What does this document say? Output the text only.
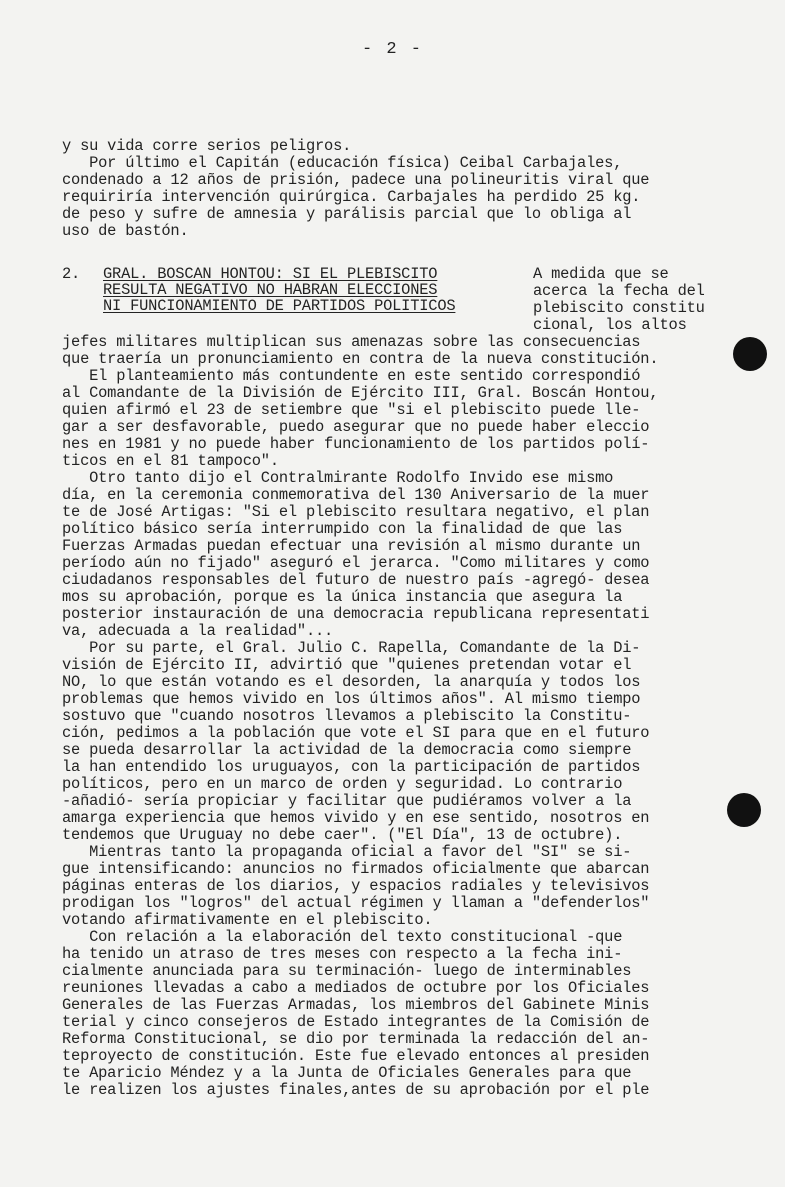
- 2 -
y su vida corre serios peligros.
Por último el Capitán (educación física) Ceibal Carbajales,
condenado a 12 años de prisión, padece una polineuritis viral que
requiriría intervención quirúrgica. Carbajales ha perdido 25 kg.
de peso y sufre de amnesia y parálisis parcial que lo obliga al
uso de bastón.
2. GRAL. BOSCAN HONTOU: SI EL PLEBISCITO
RESULTA NEGATIVO NO HABRAN ELECCIONES
NI FUNCIONAMIENTO DE PARTIDOS POLITICOS
A medida que se
acerca la fecha del
plebiscito constitu
cional, los altos
jefes militares multiplican sus amenazas sobre las consecuencias
que traería un pronunciamiento en contra de la nueva constitución.
El planteamiento más contundente en este sentido correspondió
al Comandante de la División de Ejército III, Gral. Boscán Hontou,
quien afirmó el 23 de setiembre que "si el plebiscito puede lle-
gar a ser desfavorable, puedo asegurar que no puede haber eleccio
nes en 1981 y no puede haber funcionamiento de los partidos polí-
ticos en el 81 tampoco".
Otro tanto dijo el Contralmirante Rodolfo Invido ese mismo
día, en la ceremonia conmemorativa del 130 Aniversario de la muer
te de José Artigas: "Si el plebiscito resultara negativo, el plan
político básico sería interrumpido con la finalidad de que las
Fuerzas Armadas puedan efectuar una revisión al mismo durante un
período aún no fijado" aseguró el jerarca. "Como militares y como
ciudadanos responsables del futuro de nuestro país -agregó- desea
mos su aprobación, porque es la única instancia que asegura la
posterior instauración de una democracia republicana representati
va, adecuada a la realidad"...
Por su parte, el Gral. Julio C. Rapella, Comandante de la Di-
visión de Ejército II, advirtió que "quienes pretendan votar el
NO, lo que están votando es el desorden, la anarquía y todos los
problemas que hemos vivido en los últimos años". Al mismo tiempo
sostuvo que "cuando nosotros llevamos a plebiscito la Constitu-
ción, pedimos a la población que vote el SI para que en el futuro
se pueda desarrollar la actividad de la democracia como siempre
la han entendido los uruguayos, con la participación de partidos
políticos, pero en un marco de orden y seguridad. Lo contrario
-añadió- sería propiciar y facilitar que pudiéramos volver a la
amarga experiencia que hemos vivido y en ese sentido, nosotros en
tendemos que Uruguay no debe caer". ("El Día", 13 de octubre).
Mientras tanto la propaganda oficial a favor del "SI" se si-
gue intensificando: anuncios no firmados oficialmente que abarcan
páginas enteras de los diarios, y espacios radiales y televisivos
prodigan los "logros" del actual régimen y llaman a "defenderlos"
votando afirmativamente en el plebiscito.
Con relación a la elaboración del texto constitucional -que
ha tenido un atraso de tres meses con respecto a la fecha ini-
cialmente anunciada para su terminación- luego de interminables
reuniones llevadas a cabo a mediados de octubre por los Oficiales
Generales de las Fuerzas Armadas, los miembros del Gabinete Minis
terial y cinco consejeros de Estado integrantes de la Comisión de
Reforma Constitucional, se dio por terminada la redacción del an-
teproyecto de constitución. Este fue elevado entonces al presiden
te Aparicio Méndez y a la Junta de Oficiales Generales para que
le realizen los ajustes finales,antes de su aprobación por el ple
